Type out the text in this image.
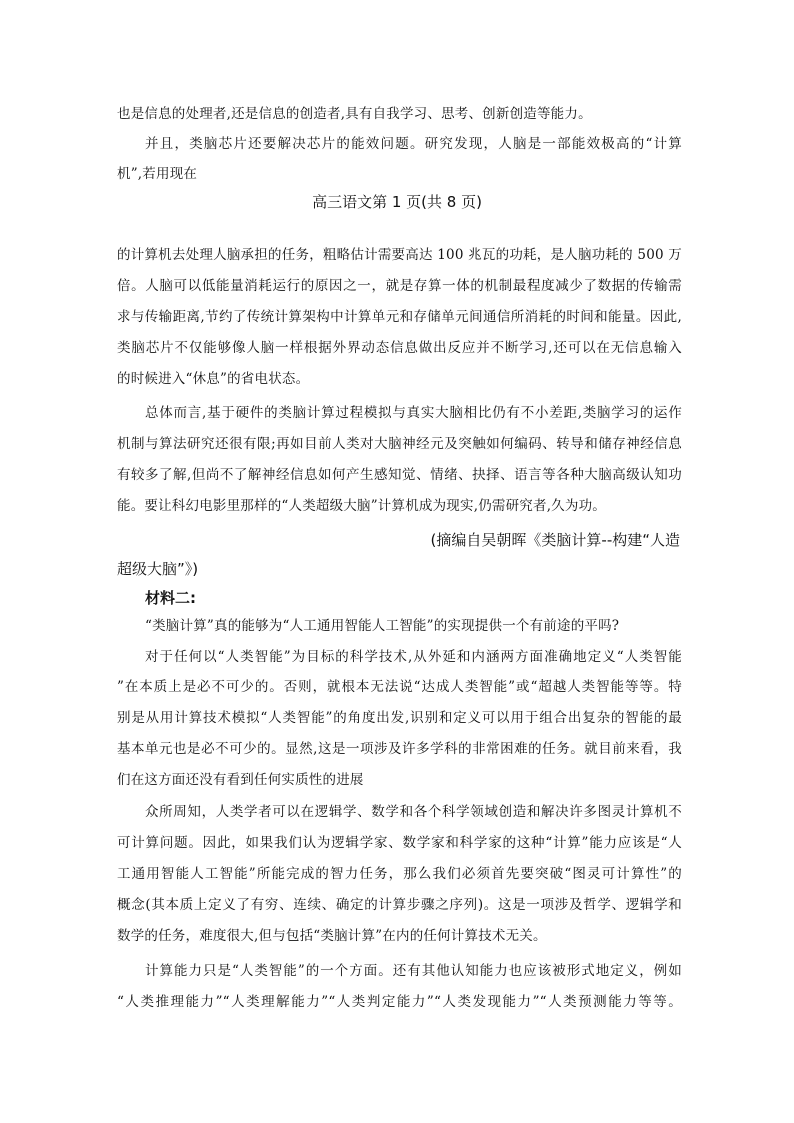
也是信息的处理者,还是信息的创造者,具有自我学习、思考、创新创造等能力。
并且，类脑芯片还要解决芯片的能效问题。研究发现，人脑是一部能效极高的“计算
机”,若用现在
高三语文第 1 页(共 8 页)
的计算机去处理人脑承担的任务，粗略估计需要高达 100 兆瓦的功耗，是人脑功耗的 500 万
倍。人脑可以低能量消耗运行的原因之一，就是存算一体的机制最程度减少了数据的传输需
求与传输距离,节约了传统计算架构中计算单元和存储单元间通信所消耗的时间和能量。因此,
类脑芯片不仅能够像人脑一样根据外界动态信息做出反应并不断学习,还可以在无信息输入
的时候进入“休息”的省电状态。
总体而言,基于硬件的类脑计算过程模拟与真实大脑相比仍有不小差距,类脑学习的运作
机制与算法研究还很有限;再如目前人类对大脑神经元及突触如何编码、转导和储存神经信息
有较多了解,但尚不了解神经信息如何产生感知觉、情绪、抉择、语言等各种大脑高级认知功
能。要让科幻电影里那样的“人类超级大脑”计算机成为现实,仍需研究者,久为功。
(摘编自吴朝晖《类脑计算--构建“人造
超级大脑”》)
材料二:
“类脑计算”真的能够为“人工通用智能人工智能”的实现提供一个有前途的平吗?
对于任何以“人类智能”为目标的科学技术,从外延和内涵两方面准确地定义“人类智能
”在本质上是必不可少的。否则，就根本无法说“达成人类智能”或“超越人类智能等等。特
别是从用计算技术模拟“人类智能”的角度出发,识别和定义可以用于组合出复杂的智能的最
基本单元也是必不可少的。显然,这是一项涉及许多学科的非常困难的任务。就目前来看，我
们在这方面还没有看到任何实质性的进展
众所周知，人类学者可以在逻辑学、数学和各个科学领域创造和解决许多图灵计算机不
可计算问题。因此，如果我们认为逻辑学家、数学家和科学家的这种“计算”能力应该是“人
工通用智能人工智能”所能完成的智力任务，那么我们必须首先要突破“图灵可计算性”的
概念(其本质上定义了有穷、连续、确定的计算步骤之序列)。这是一项涉及哲学、逻辑学和
数学的任务，难度很大,但与包括“类脑计算”在内的任何计算技术无关。
计算能力只是“人类智能”的一个方面。还有其他认知能力也应该被形式地定义，例如
“人类推理能力”“人类理解能力”“人类判定能力”“人类发现能力”“人类预测能力等等。
